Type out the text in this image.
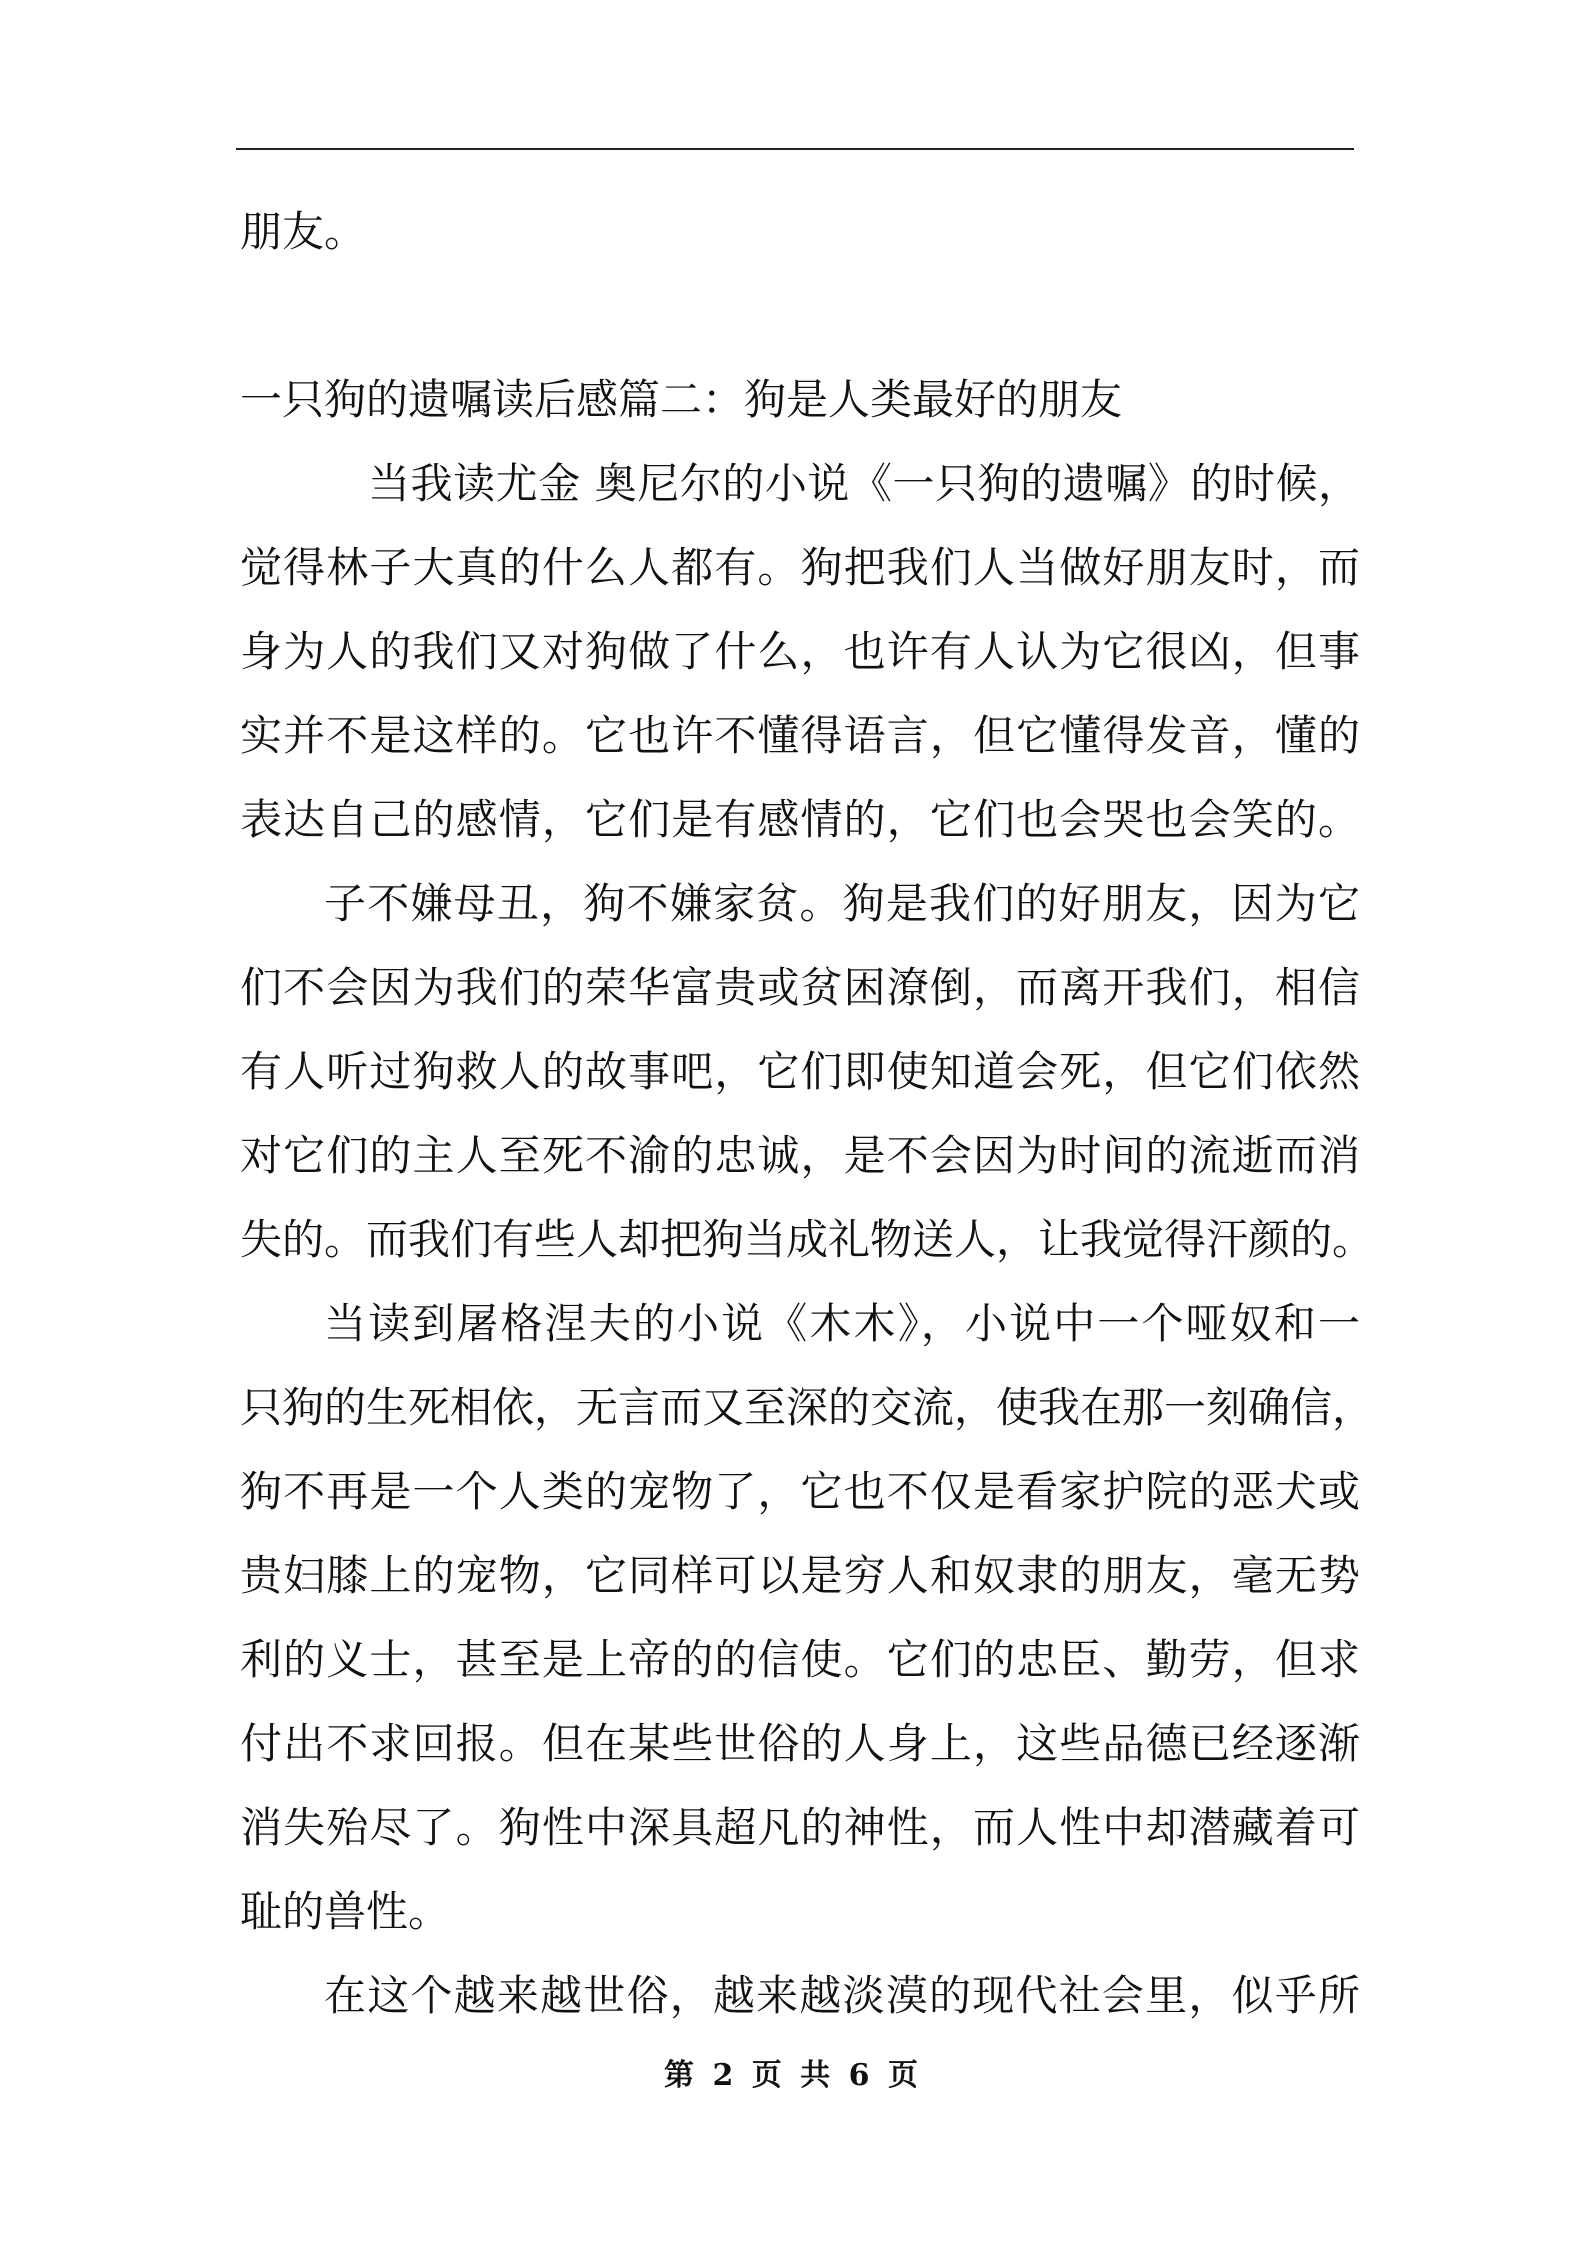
朋友。
一只狗的遗嘱读后感篇二：狗是人类最好的朋友
当我读尤金 奥尼尔的小说《一只狗的遗嘱》的时候，
觉得林子大真的什么人都有。狗把我们人当做好朋友时，而
身为人的我们又对狗做了什么，也许有人认为它很凶，但事
实并不是这样的。它也许不懂得语言，但它懂得发音，懂的
表达自己的感情，它们是有感情的，它们也会哭也会笑的。
子不嫌母丑，狗不嫌家贫。狗是我们的好朋友，因为它
们不会因为我们的荣华富贵或贫困潦倒，而离开我们，相信
有人听过狗救人的故事吧，它们即使知道会死，但它们依然
对它们的主人至死不渝的忠诚，是不会因为时间的流逝而消
失的。而我们有些人却把狗当成礼物送人，让我觉得汗颜的。
当读到屠格涅夫的小说《木木》，小说中一个哑奴和一
只狗的生死相依，无言而又至深的交流，使我在那一刻确信，
狗不再是一个人类的宠物了，它也不仅是看家护院的恶犬或
贵妇膝上的宠物，它同样可以是穷人和奴隶的朋友，毫无势
利的义士，甚至是上帝的的信使。它们的忠臣、勤劳，但求
付出不求回报。但在某些世俗的人身上，这些品德已经逐渐
消失殆尽了。狗性中深具超凡的神性，而人性中却潜藏着可
耻的兽性。
在这个越来越世俗，越来越淡漠的现代社会里，似乎所
第 2 页 共 6 页
